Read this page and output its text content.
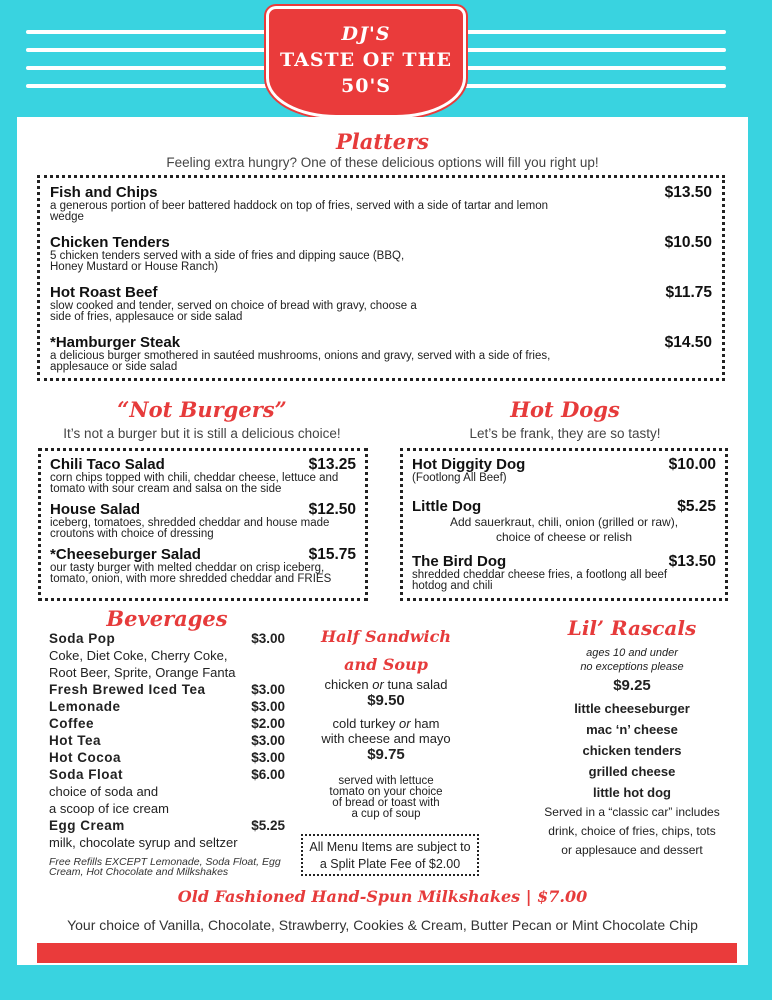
DJ'S
TASTE OF THE
50'S
Platters
Feeling extra hungry? One of these delicious options will fill you right up!
Fish and Chips	$13.50
a generous portion of beer battered haddock on top of fries, served with a side of tartar and lemon wedge
Chicken Tenders	$10.50
5 chicken tenders served with a side of fries and dipping sauce (BBQ, Honey Mustard or House Ranch)
Hot Roast Beef	$11.75
slow cooked and tender, served on choice of bread with gravy, choose a side of fries, applesauce or side salad
*Hamburger Steak	$14.50
a delicious burger smothered in sautéed mushrooms, onions and gravy, served with a side of fries, applesauce or side salad
“Not Burgers”
It’s not a burger but it is still a delicious choice!
Chili Taco Salad	$13.25
corn chips topped with chili, cheddar cheese, lettuce and tomato with sour cream and salsa on the side
House Salad	$12.50
iceberg, tomatoes, shredded cheddar and house made croutons with choice of dressing
*Cheeseburger Salad	$15.75
our tasty burger with melted cheddar on crisp iceberg, tomato, onion, with more shredded cheddar and FRIES
Hot Dogs
Let’s be frank, they are so tasty!
Hot Diggity Dog	$10.00
(Footlong All Beef)
Little Dog	$5.25
Add sauerkraut, chili, onion (grilled or raw), choice of cheese or relish
The Bird Dog	$13.50
shredded cheddar cheese fries, a footlong all beef hotdog and chili
Beverages
Soda Pop	$3.00
Coke, Diet Coke, Cherry Coke, Root Beer, Sprite, Orange Fanta
Fresh Brewed Iced Tea	$3.00
Lemonade	$3.00
Coffee	$2.00
Hot Tea	$3.00
Hot Cocoa	$3.00
Soda Float	$6.00
choice of soda and
a scoop of ice cream
Egg Cream	$5.25
milk, chocolate syrup and seltzer
Free Refills EXCEPT Lemonade, Soda Float, Egg Cream, Hot Chocolate and Milkshakes
Half Sandwich
and Soup
chicken or tuna salad
$9.50
cold turkey or ham
with cheese and mayo
$9.75
served with lettuce tomato on your choice of bread or toast with a cup of soup
All Menu Items are subject to a Split Plate Fee of $2.00
Lil’ Rascals
ages 10 and under
no exceptions please
$9.25
little cheeseburger
mac ‘n’ cheese
chicken tenders
grilled cheese
little hot dog
Served in a “classic car” includes drink, choice of fries, chips, tots or applesauce and dessert
Old Fashioned Hand-Spun Milkshakes | $7.00
Your choice of Vanilla, Chocolate, Strawberry, Cookies & Cream, Butter Pecan or Mint Chocolate Chip
